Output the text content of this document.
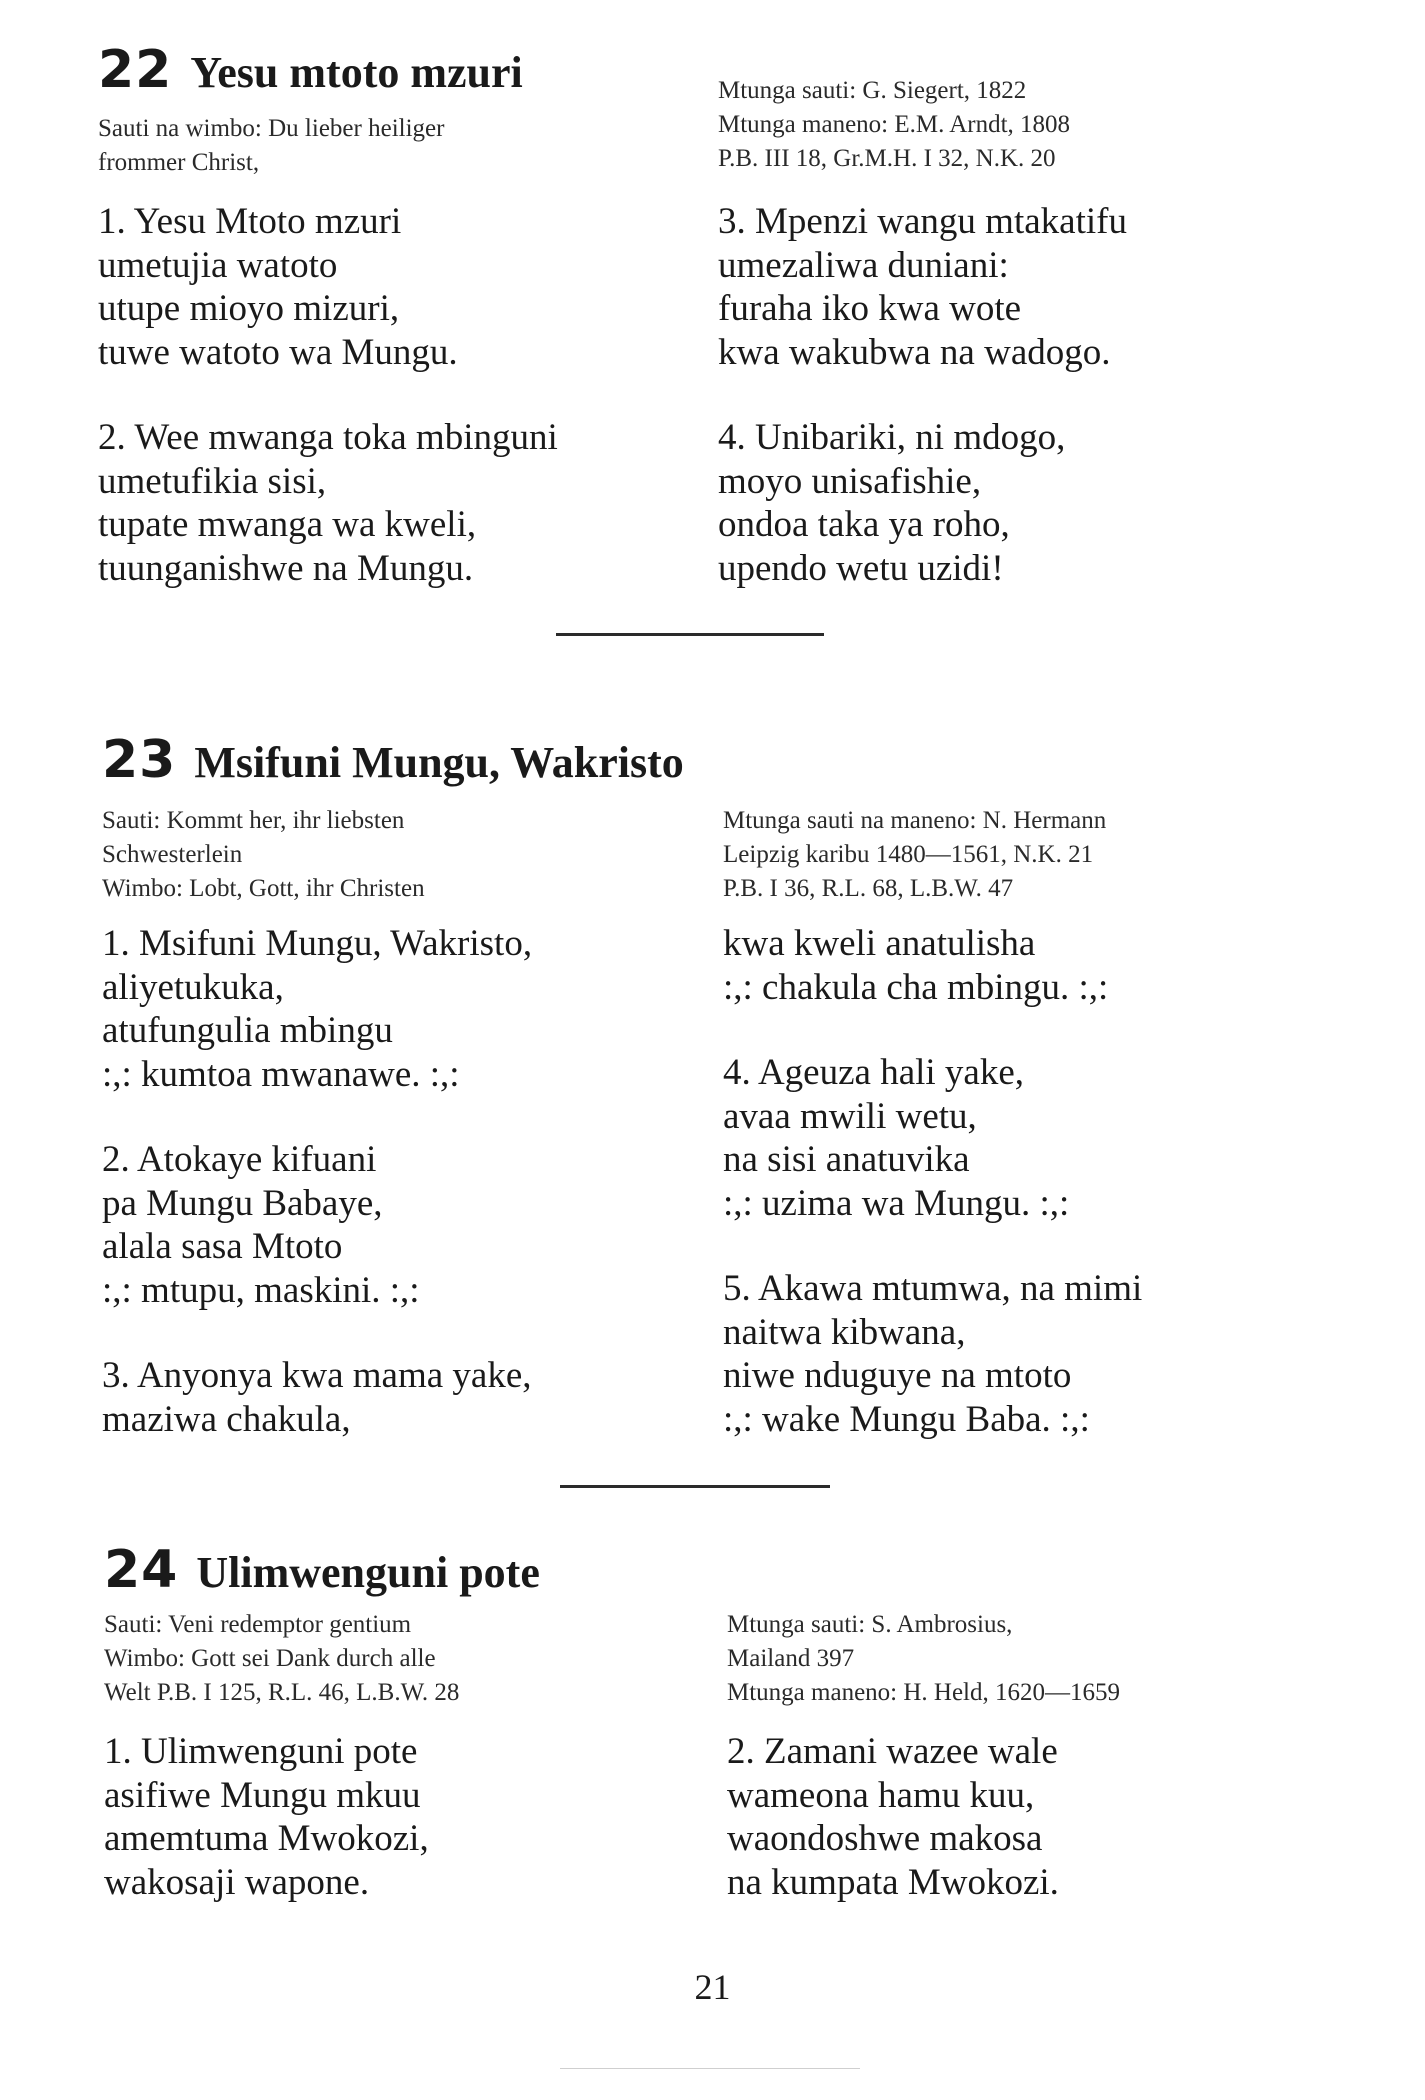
22 Yesu mtoto mzuri
Sauti na wimbo: Du lieber heiliger
frommer Christ,
Mtunga sauti: G. Siegert, 1822
Mtunga maneno: E.M. Arndt, 1808
P.B. III 18, Gr.M.H. I 32, N.K. 20
1. Yesu Mtoto mzuri
umetujia watoto
utupe mioyo mizuri,
tuwe watoto wa Mungu.
2. Wee mwanga toka mbinguni
umetufikia sisi,
tupate mwanga wa kweli,
tuunganishwe na Mungu.
3. Mpenzi wangu mtakatifu
umezaliwa duniani:
furaha iko kwa wote
kwa wakubwa na wadogo.
4. Unibariki, ni mdogo,
moyo unisafishie,
ondoa taka ya roho,
upendo wetu uzidi!
23 Msifuni Mungu, Wakristo
Sauti: Kommt her, ihr liebsten
Schwesterlein
Wimbo: Lobt, Gott, ihr Christen
Mtunga sauti na maneno: N. Hermann
Leipzig karibu 1480—1561, N.K. 21
P.B. I 36, R.L. 68, L.B.W. 47
1. Msifuni Mungu, Wakristo,
aliyetukuka,
atufungulia mbingu
:,: kumtoa mwanawe. :,:
2. Atokaye kifuani
pa Mungu Babaye,
alala sasa Mtoto
:,: mtupu, maskini. :,:
3. Anyonya kwa mama yake,
maziwa chakula,
kwa kweli anatulisha
:,: chakula cha mbingu. :,:
4. Ageuza hali yake,
avaa mwili wetu,
na sisi anatuvika
:,: uzima wa Mungu. :,:
5. Akawa mtumwa, na mimi
naitwa kibwana,
niwe nduguye na mtoto
:,: wake Mungu Baba. :,:
24 Ulimwenguni pote
Sauti: Veni redemptor gentium
Wimbo: Gott sei Dank durch alle
Welt P.B. I 125, R.L. 46, L.B.W. 28
Mtunga sauti: S. Ambrosius,
Mailand 397
Mtunga maneno: H. Held, 1620—1659
1. Ulimwenguni pote
asifiwe Mungu mkuu
amemtuma Mwokozi,
wakosaji wapone.
2. Zamani wazee wale
wameona hamu kuu,
waondoshwe makosa
na kumpata Mwokozi.
21
